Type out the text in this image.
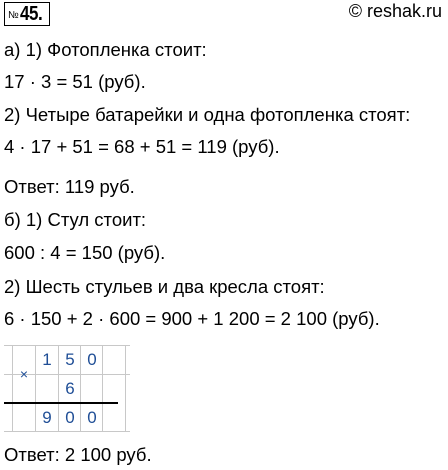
№ 45.	© reshak.ru
а) 1) Фотопленка стоит:
17 · 3 = 51 (руб).
2) Четыре батарейки и одна фотопленка стоят:
4 · 17 + 51 = 68 + 51 = 119 (руб).
Ответ: 119 руб.
б) 1) Стул стоит:
600 : 4 = 150 (руб).
2) Шесть стульев и два кресла стоят:
6 · 150 + 2 · 600 = 900 + 1 200 = 2 100 (руб).
×
1 5 0
6
9 0 0
Ответ: 2 100 руб.
